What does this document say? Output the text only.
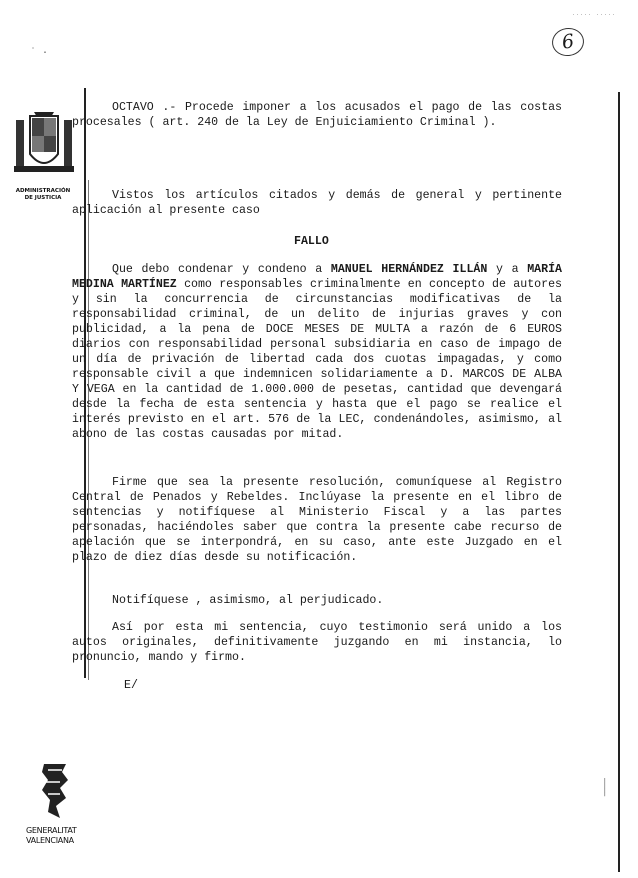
····· ·····
˙ ·	6
ADMINISTRACIÓN DE JUSTICIA
GENERALITAT VALENCIANA
─────

OCTAVO .- Procede imponer a los acusados el pago de las costas procesales ( art. 240 de la Ley de Enjuiciamiento Criminal ).

Vistos los artículos citados y demás de general y pertinente aplicación al presente caso

FALLO

Que debo condenar y condeno a MANUEL HERNÁNDEZ ILLÁN y a MARÍA MEDINA MARTÍNEZ como responsables criminalmente en concepto de autores y sin la concurrencia de circunstancias modificativas de la responsabilidad criminal, de un delito de injurias graves y con publicidad, a la pena de DOCE MESES DE MULTA a razón de 6 EUROS diarios con responsabilidad personal subsidiaria en caso de impago de un día de privación de libertad cada dos cuotas impagadas, y como responsable civil a que indemnicen solidariamente a D. MARCOS DE ALBA Y VEGA en la cantidad de 1.000.000 de pesetas, cantidad que devengará desde la fecha de esta sentencia y hasta que el pago se realice el interés previsto en el art. 576 de la LEC, condenándoles, asimismo, al abono de las costas causadas por mitad.

Firme que sea la presente resolución, comuníquese al Registro Central de Penados y Rebeldes. Inclúyase la presente en el libro de sentencias y notifíquese al Ministerio Fiscal y a las partes personadas, haciéndoles saber que contra la presente cabe recurso de apelación que se interpondrá, en su caso, ante este Juzgado en el plazo de diez días desde su notificación.

Notifíquese , asimismo, al perjudicado.

Así por esta mi sentencia, cuyo testimonio será unido a los autos originales, definitivamente juzgando en mi instancia, lo pronuncio, mando y firmo.

E/
